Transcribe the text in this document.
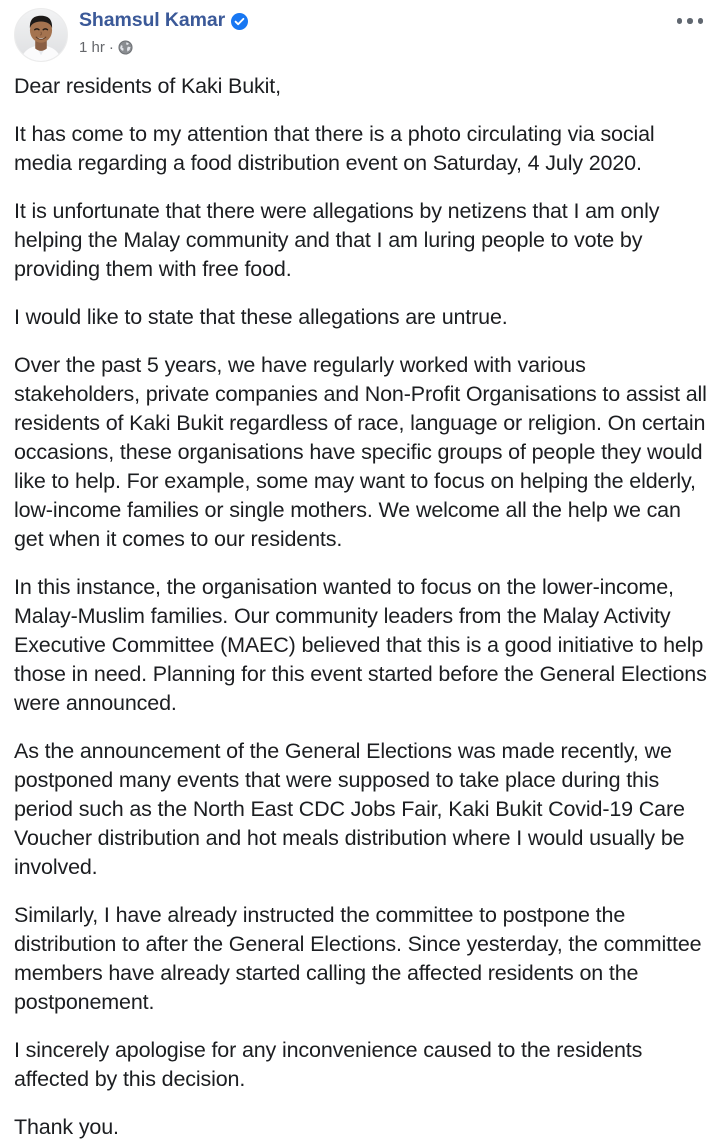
Shamsul Kamar
1 hr ·

Dear residents of Kaki Bukit,

It has come to my attention that there is a photo circulating via social media regarding a food distribution event on Saturday, 4 July 2020.

It is unfortunate that there were allegations by netizens that I am only helping the Malay community and that I am luring people to vote by providing them with free food.

I would like to state that these allegations are untrue.

Over the past 5 years, we have regularly worked with various stakeholders, private companies and Non-Profit Organisations to assist all residents of Kaki Bukit regardless of race, language or religion. On certain occasions, these organisations have specific groups of people they would like to help. For example, some may want to focus on helping the elderly, low-income families or single mothers. We welcome all the help we can get when it comes to our residents.

In this instance, the organisation wanted to focus on the lower-income, Malay-Muslim families. Our community leaders from the Malay Activity Executive Committee (MAEC) believed that this is a good initiative to help those in need. Planning for this event started before the General Elections were announced.

As the announcement of the General Elections was made recently, we postponed many events that were supposed to take place during this period such as the North East CDC Jobs Fair, Kaki Bukit Covid-19 Care Voucher distribution and hot meals distribution where I would usually be involved.

Similarly, I have already instructed the committee to postpone the distribution to after the General Elections. Since yesterday, the committee members have already started calling the affected residents on the postponement.

I sincerely apologise for any inconvenience caused to the residents affected by this decision.

Thank you.
